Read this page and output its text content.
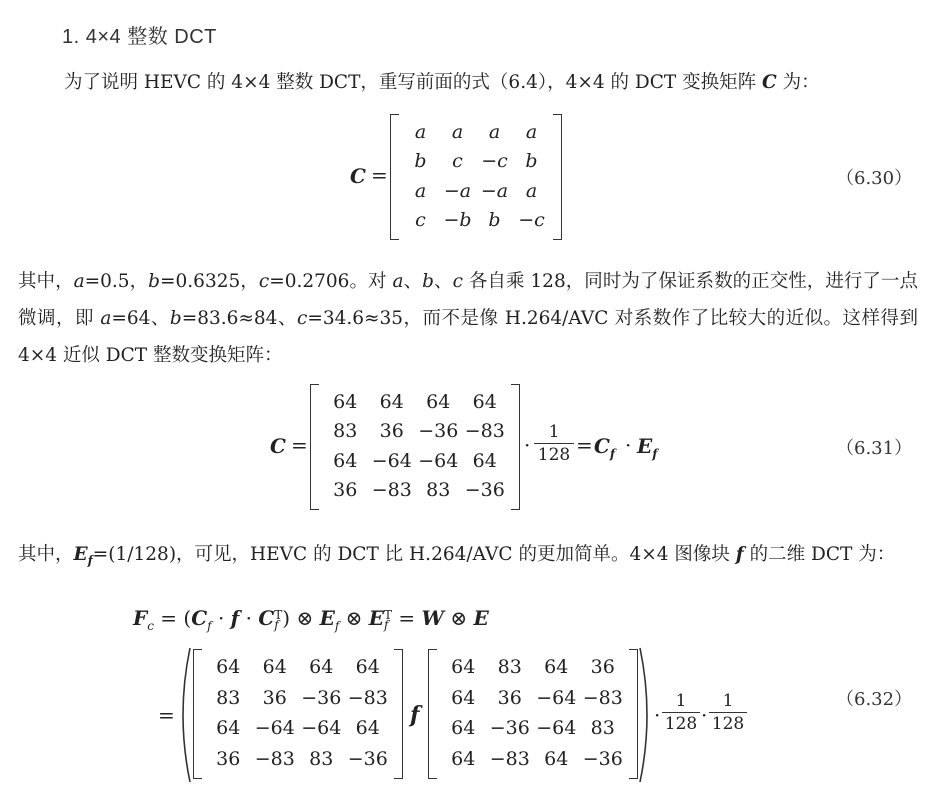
1. 4×4 整数 DCT
为了说明 HEVC 的 4×4 整数 DCT，重写前面的式（6.4），4×4 的 DCT 变换矩阵 C 为：
C =
a	a	a	a
b	c −c b
a −a −a a
c −b b −c
（6.30）
其中，a=0.5，b=0.6325，c=0.2706。对 a、b、c 各自乘 128，同时为了保证系数的正交性，进行了一点微调，即 a=64、b=83.6≈84、c=34.6≈35，而不是像 H.264/AVC 对系数作了比较大的近似。这样得到 4×4 近似 DCT 整数变换矩阵：
C =
64	64	64	64
83	36 −36 −83
64 −64 −64 64
36 −83 83 −36
· $\frac{1}{128} = C_f \cdot E_f$	（6.31）
其中，$E_f=(1/128)$，可见，HEVC 的 DCT 比 H.264/AVC 的更加简单。4×4 图像块 f 的二维 DCT 为：
$F_c = (C_f \cdot f \cdot C$ T
f ) ⊗ $E_f$ ⊗ E T
f = W ⊗ E
=
64	64	64	64
83	36 −36 −83
64 −64 −64 64
36 −83 83 −36
f
64	83	64	36
64	36 −64 −83
64 −36 −64 83
64 −83 64 −36
· $\frac{1}{128} \cdot \frac{1}{128}$	（6.32）
